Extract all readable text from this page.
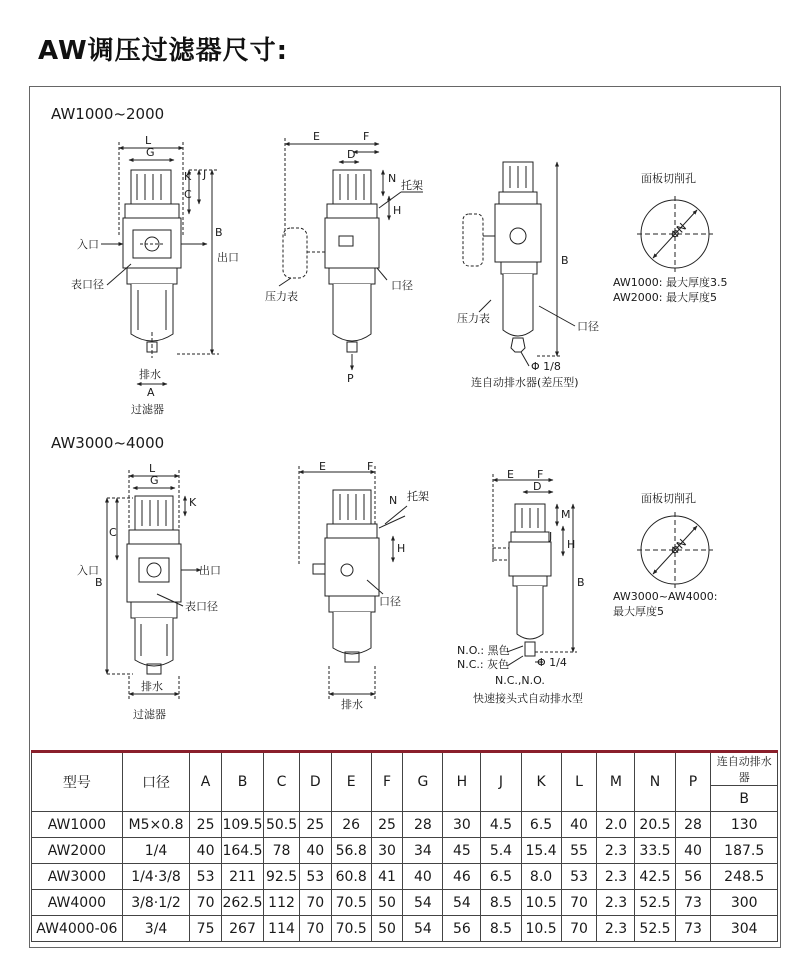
AW调压过滤器尺寸:
AW1000~2000
L
G
K J
C
B
入口
出口
表口径
排水
A
过滤器
E	F
D
N
托架
H
口径
压力表
P
压力表
口径
B
Φ 1/8
连自动排水器(差压型)
面板切削孔
ΦN
AW1000: 最大厚度3.5
AW2000: 最大厚度5
AW3000~4000
L
G
K
C
B
入口	出口
表口径
排水
过滤器
E	F
N 托架
H
口径
排水
E F
D
M
J
H
B
N.O.: 黑色
N.C.: 灰色	Φ 1/4
N.C.,N.O.
快速接头式自动排水型
面板切削孔
ΦN
AW3000~AW4000:
最大厚度5
型号	口径	A	B	C	D	E	F	G	H	J	K	L	M	N	P	连自动排水器
																B
AW1000	M5×0.8	25	109.5	50.5	25	26	25	28	30	4.5	6.5	40	2.0	20.5	28	130
AW2000	1/4	40	164.5	78	40	56.8	30	34	45	5.4	15.4	55	2.3	33.5	40	187.5
AW3000	1/4·3/8	53	211	92.5	53	60.8	41	40	46	6.5	8.0	53	2.3	42.5	56	248.5
AW4000	3/8·1/2	70	262.5	112	70	70.5	50	54	54	8.5	10.5	70	2.3	52.5	73	300
AW4000-06	3/4	75	267	114	70	70.5	50	54	56	8.5	10.5	70	2.3	52.5	73	304
